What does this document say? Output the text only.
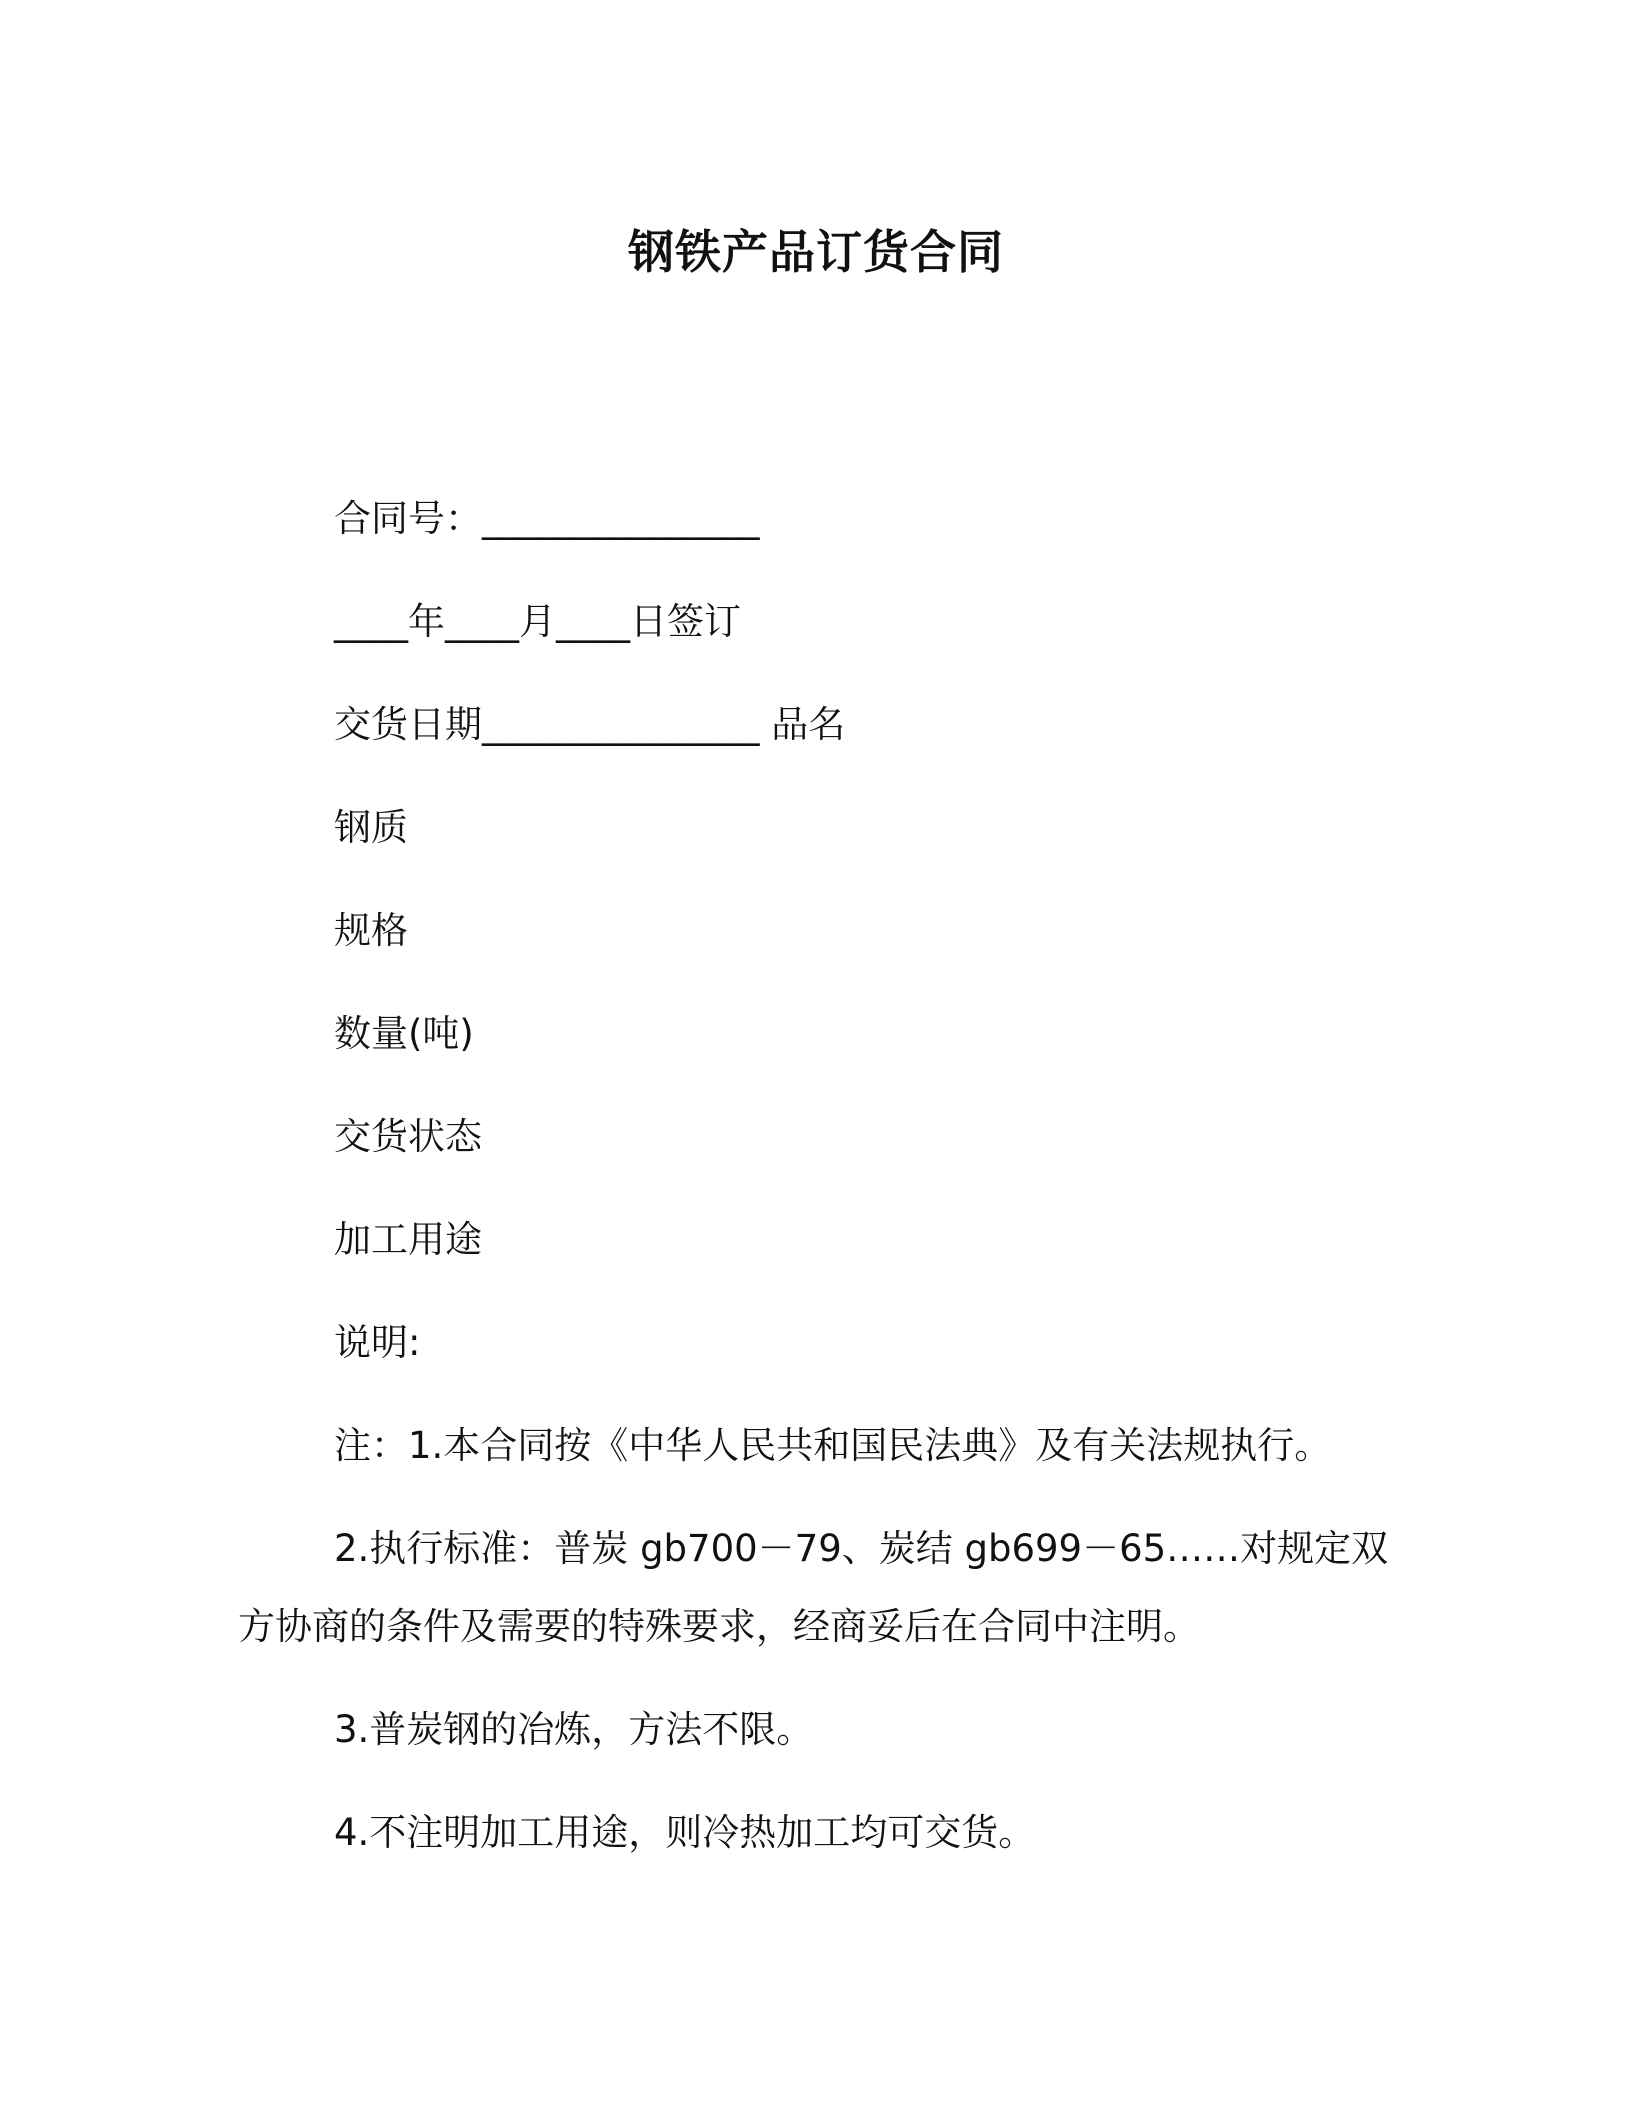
钢铁产品订货合同
合同号：_______________
____年____月____日签订
交货日期_______________ 品名
钢质
规格
数量(吨)
交货状态
加工用途
说明:
注：1.本合同按《中华人民共和国民法典》及有关法规执行。
2.执行标准：普炭 gb700－79、炭结 gb699－65……对规定双方协商的条件及需要的特殊要求，经商妥后在合同中注明。
3.普炭钢的冶炼，方法不限。
4.不注明加工用途，则冷热加工均可交货。
